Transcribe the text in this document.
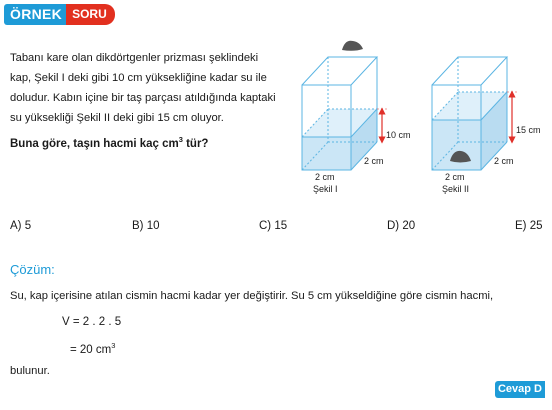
ÖRNEK SORU
Tabanı kare olan dikdörtgenler prizması şeklindeki kap, Şekil I deki gibi 10 cm yüksekliğine kadar su ile doludur. Kabın içine bir taş parçası atıldığında kaptaki su yüksekliği Şekil II deki gibi 15 cm oluyor.
Buna göre, taşın hacmi kaç $cm^3$ tür?
10 cm
2 cm
2 cm
Şekil I
15 cm
2 cm
2 cm
Şekil II
A) 5	B) 10	C) 15	D) 20	E) 25
Çözüm:
Su, kap içerisine atılan cismin hacmi kadar yer değiştirir. Su 5 cm yükseldiğine göre cismin hacmi,
V = 2 . 2 . 5
= 20 $cm^3$
bulunur.
Cevap D
